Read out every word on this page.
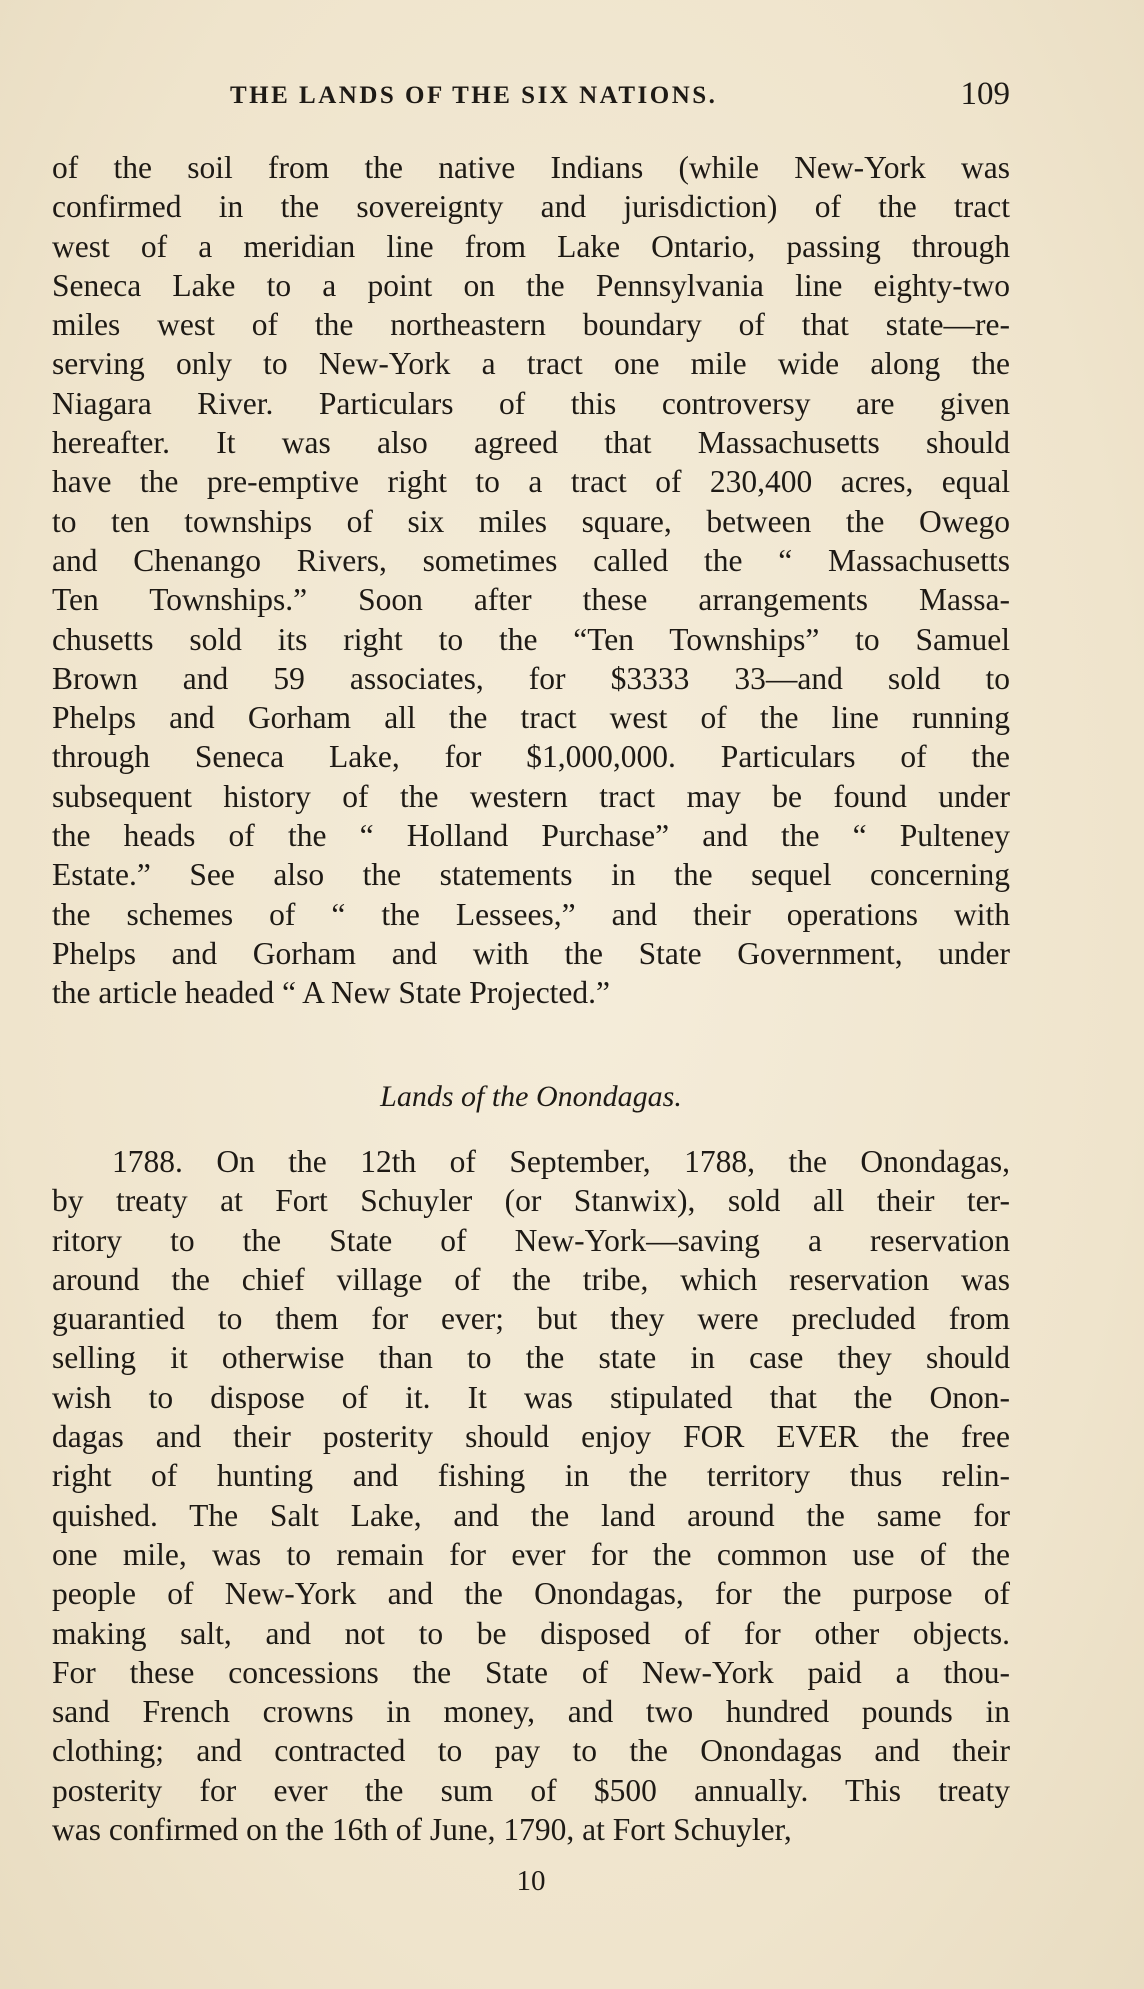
THE LANDS OF THE SIX NATIONS.	109
of the soil from the native Indians (while New-York was
confirmed in the sovereignty and jurisdiction) of the tract
west of a meridian line from Lake Ontario, passing through
Seneca Lake to a point on the Pennsylvania line eighty-two
miles west of the northeastern boundary of that state—re-
serving only to New-York a tract one mile wide along the
Niagara River. Particulars of this controversy are given
hereafter. It was also agreed that Massachusetts should
have the pre-emptive right to a tract of 230,400 acres, equal
to ten townships of six miles square, between the Owego
and Chenango Rivers, sometimes called the “ Massachusetts
Ten Townships.” Soon after these arrangements Massa-
chusetts sold its right to the “Ten Townships” to Samuel
Brown and 59 associates, for $3333 33—and sold to
Phelps and Gorham all the tract west of the line running
through Seneca Lake, for $1,000,000. Particulars of the
subsequent history of the western tract may be found under
the heads of the “ Holland Purchase” and the “ Pulteney
Estate.” See also the statements in the sequel concerning
the schemes of “ the Lessees,” and their operations with
Phelps and Gorham and with the State Government, under
the article headed “ A New State Projected.”
Lands of the Onondagas.
1788. On the 12th of September, 1788, the Onondagas,
by treaty at Fort Schuyler (or Stanwix), sold all their ter-
ritory to the State of New-York—saving a reservation
around the chief village of the tribe, which reservation was
guarantied to them for ever; but they were precluded from
selling it otherwise than to the state in case they should
wish to dispose of it. It was stipulated that the Onon-
dagas and their posterity should enjoy FOR EVER the free
right of hunting and fishing in the territory thus relin-
quished. The Salt Lake, and the land around the same for
one mile, was to remain for ever for the common use of the
people of New-York and the Onondagas, for the purpose of
making salt, and not to be disposed of for other objects.
For these concessions the State of New-York paid a thou-
sand French crowns in money, and two hundred pounds in
clothing; and contracted to pay to the Onondagas and their
posterity for ever the sum of $500 annually. This treaty
was confirmed on the 16th of June, 1790, at Fort Schuyler,
10
